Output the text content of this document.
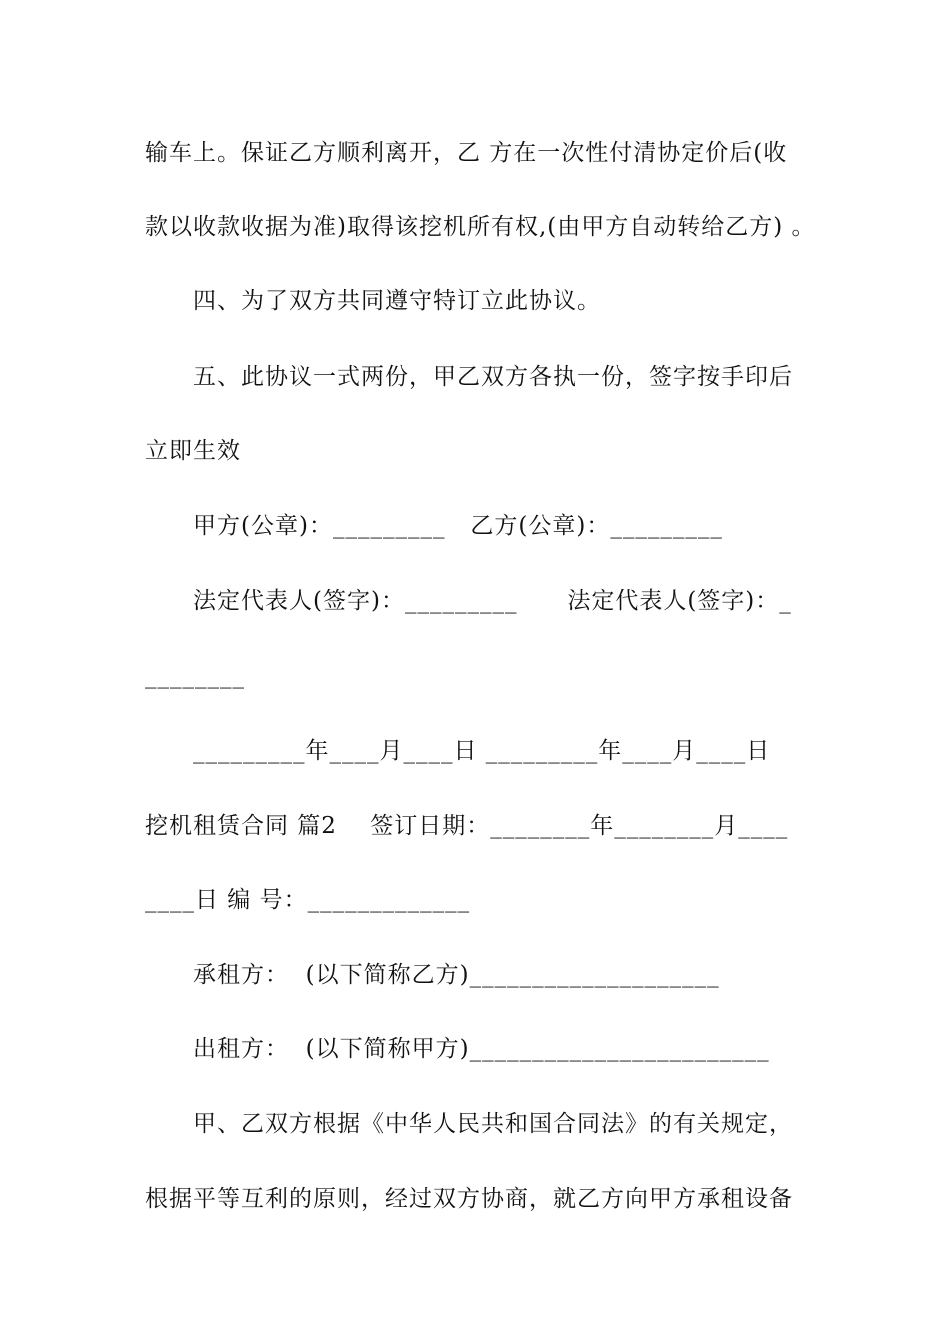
输车上。保证乙方顺利离开，乙 方在一次性付清协定价后(收
款以收款收据为准)取得该挖机所有权,(由甲方自动转给乙方) 。
四、为了双方共同遵守特订立此协议。
五、此协议一式两份，甲乙双方各执一份，签字按手印后
立即生效
甲方(公章)：_________   乙方(公章)：_________
法定代表人(签字)：_________      法定代表人(签字)：_
________
_________年____月____日 _________年____月____日
挖机租赁合同 篇2    签订日期：________年________月____
____日 编 号：_____________
承租方：  (以下简称乙方)____________________
出租方：  (以下简称甲方)________________________
甲、乙双方根据《中华人民共和国合同法》的有关规定，
根据平等互利的原则，经过双方协商，就乙方向甲方承租设备
